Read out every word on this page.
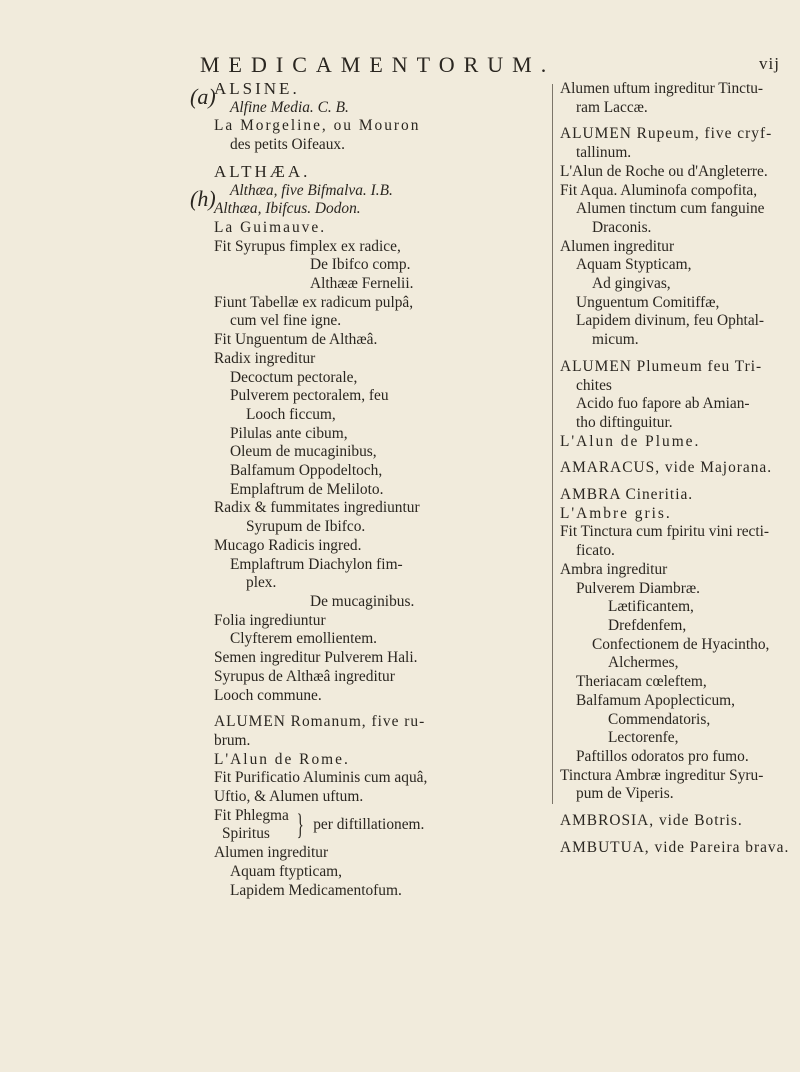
MEDICAMENTORUM.	vij
(a)
(h)
ALSINE.
Alfine Media. C. B.
La Morgeline, ou Mouron
des petits Oifeaux.
ALTHÆA.
Althæa, five Bifmalva. I.B.
Althæa, Ibifcus. Dodon.
La Guimauve.
Fit Syrupus fimplex ex radice,
De Ibifco comp.
Althææ Fernelii.
Fiunt Tabellæ ex radicum pulpâ,
cum vel fine igne.
Fit Unguentum de Althæâ.
Radix ingreditur
Decoctum pectorale,
Pulverem pectoralem, feu
Looch ficcum,
Pilulas ante cibum,
Oleum de mucaginibus,
Balfamum Oppodeltoch,
Emplaftrum de Meliloto.
Radix & fummitates ingrediuntur
Syrupum de Ibifco.
Mucago Radicis ingred.
Emplaftrum Diachylon fim-
plex.
De mucaginibus.
Folia ingrediuntur
Clyfterem emollientem.
Semen ingreditur Pulverem Hali.
Syrupus de Althæâ ingreditur
Looch commune.
ALUMEN Romanum, five ru-
brum.
L'Alun de Rome.
Fit Purificatio Aluminis cum aquâ,
Uftio, & Alumen uftum.
Fit Phlegma
Spiritus } per diftillationem.
Alumen ingreditur
Aquam ftypticam,
Lapidem Medicamentofum.
Alumen uftum ingreditur Tinctu-
ram Laccæ.
ALUMEN Rupeum, five cryf-
tallinum.
L'Alun de Roche ou d'Angleterre.
Fit Aqua. Aluminofa compofita,
Alumen tinctum cum fanguine
Draconis.
Alumen ingreditur
Aquam Stypticam,
Ad gingivas,
Unguentum Comitiffæ,
Lapidem divinum, feu Ophtal-
micum.
ALUMEN Plumeum feu Tri-
chites
Acido fuo fapore ab Amian-
tho diftinguitur.
L'Alun de Plume.
AMARACUS, vide Majorana.
AMBRA Cineritia.
L'Ambre gris.
Fit Tinctura cum fpiritu vini recti-
ficato.
Ambra ingreditur
Pulverem Diambræ.
Lætificantem,
Drefdenfem,
Confectionem de Hyacintho,
Alchermes,
Theriacam cœleftem,
Balfamum Apoplecticum,
Commendatoris,
Lectorenfe,
Paftillos odoratos pro fumo.
Tinctura Ambræ ingreditur Syru-
pum de Viperis.
AMBROSIA, vide Botris.
AMBUTUA, vide Pareira brava.
